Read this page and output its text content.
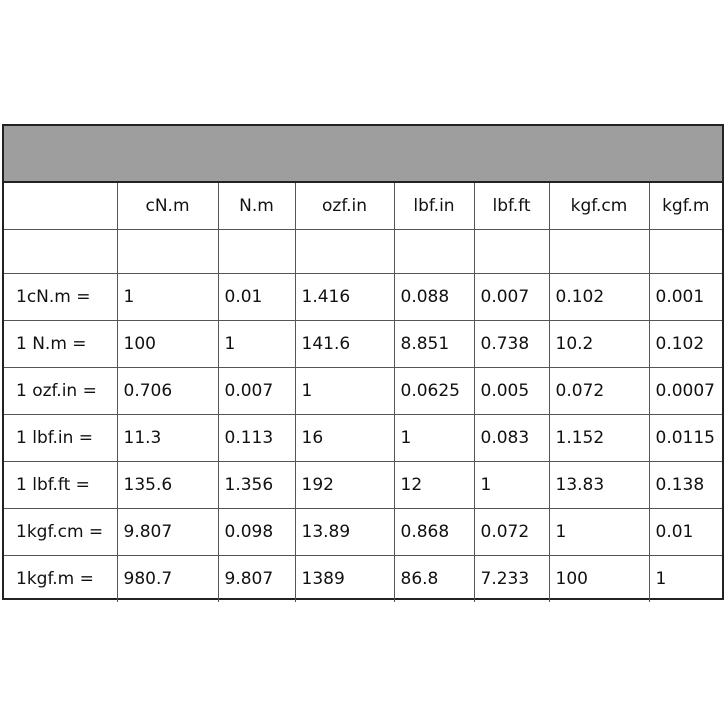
	cN.m	N.m	ozf.in	lbf.in	lbf.ft	kgf.cm	kgf.m

1cN.m =	1	0.01	1.416	0.088	0.007	0.102	0.001
1 N.m =	100	1	141.6	8.851	0.738	10.2	0.102
1 ozf.in =	0.706	0.007	1	0.0625	0.005	0.072	0.0007
1 lbf.in =	11.3	0.113	16	1	0.083	1.152	0.0115
1 lbf.ft =	135.6	1.356	192	12	1	13.83	0.138
1kgf.cm =	9.807	0.098	13.89	0.868	0.072	1	0.01
1kgf.m =	980.7	9.807	1389	86.8	7.233	100	1
